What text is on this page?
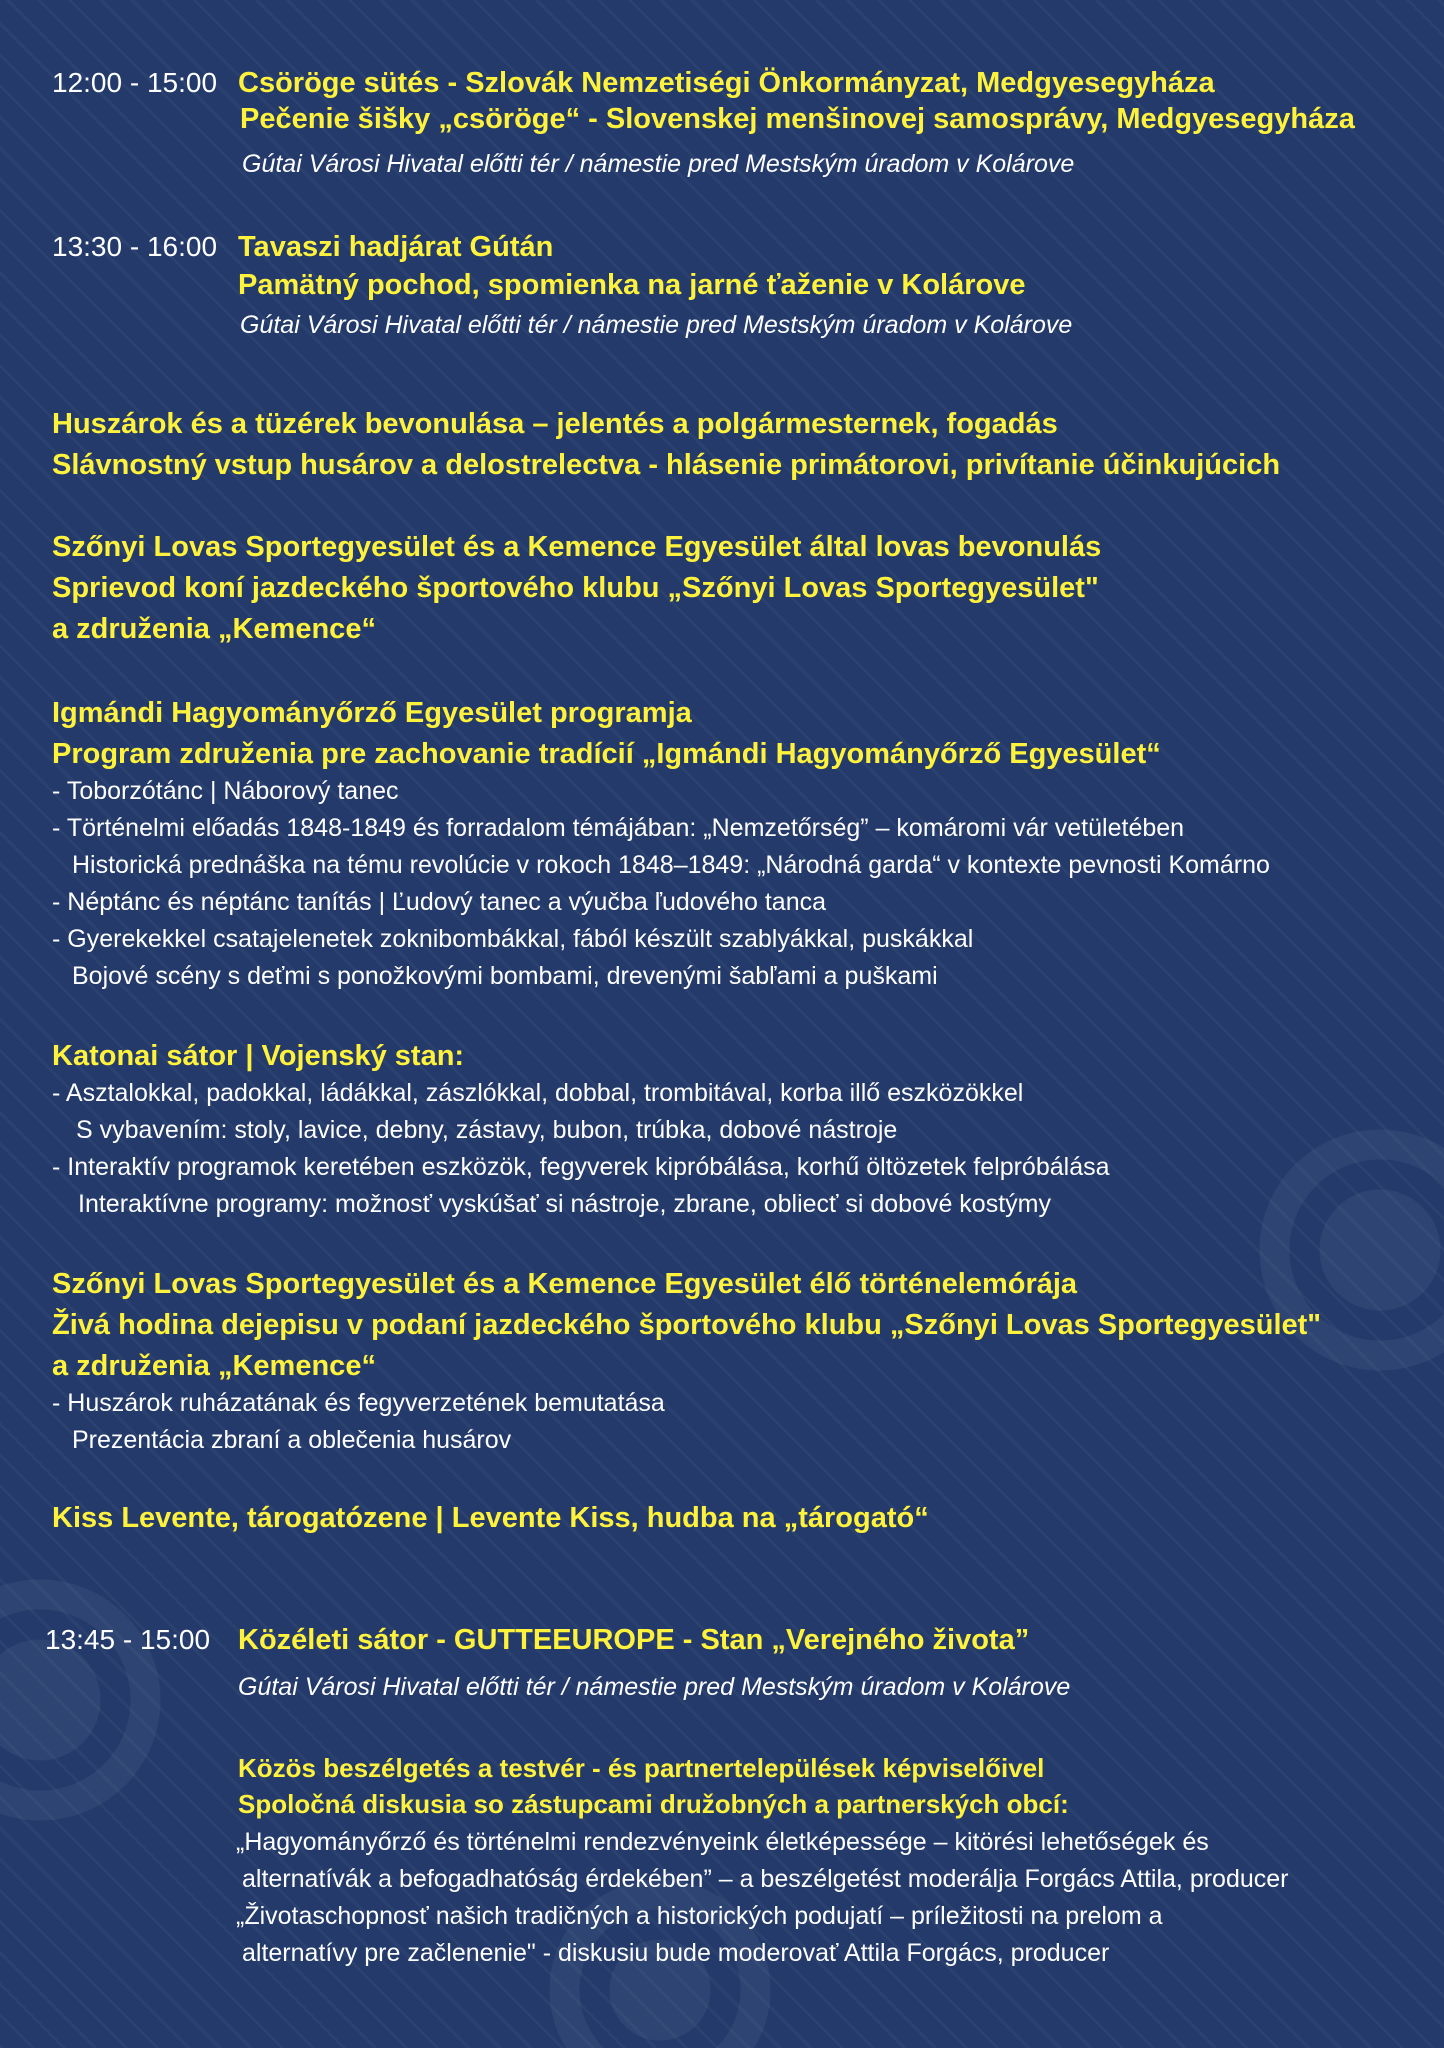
12:00 - 15:00 Csöröge sütés - Szlovák Nemzetiségi Önkormányzat, Medgyesegyháza
Pečenie šišky „csöröge“ - Slovenskej menšinovej samosprávy, Medgyesegyháza
Gútai Városi Hivatal előtti tér / námestie pred Mestským úradom v Kolárove
13:30 - 16:00 Tavaszi hadjárat Gútán
Pamätný pochod, spomienka na jarné ťaženie v Kolárove
Gútai Városi Hivatal előtti tér / námestie pred Mestským úradom v Kolárove
Huszárok és a tüzérek bevonulása – jelentés a polgármesternek, fogadás
Slávnostný vstup husárov a delostrelectva - hlásenie primátorovi, privítanie účinkujúcich
Szőnyi Lovas Sportegyesület és a Kemence Egyesület által lovas bevonulás
Sprievod koní jazdeckého športového klubu „Szőnyi Lovas Sportegyesület"
a združenia „Kemence“
Igmándi Hagyományőrző Egyesület programja
Program združenia pre zachovanie tradícií „Igmándi Hagyományőrző Egyesület“
- Toborzótánc | Náborový tanec
- Történelmi előadás 1848-1849 és forradalom témájában: „Nemzetőrség” – komáromi vár vetületében
Historická prednáška na tému revolúcie v rokoch 1848–1849: „Národná garda“ v kontexte pevnosti Komárno
- Néptánc és néptánc tanítás | Ľudový tanec a výučba ľudového tanca
- Gyerekekkel csatajelenetek zoknibombákkal, fából készült szablyákkal, puskákkal
Bojové scény s deťmi s ponožkovými bombami, drevenými šabľami a puškami
Katonai sátor | Vojenský stan:
- Asztalokkal, padokkal, ládákkal, zászlókkal, dobbal, trombitával, korba illő eszközökkel
S vybavením: stoly, lavice, debny, zástavy, bubon, trúbka, dobové nástroje
- Interaktív programok keretében eszközök, fegyverek kipróbálása, korhű öltözetek felpróbálása
Interaktívne programy: možnosť vyskúšať si nástroje, zbrane, obliecť si dobové kostýmy
Szőnyi Lovas Sportegyesület és a Kemence Egyesület élő történelemórája
Živá hodina dejepisu v podaní jazdeckého športového klubu „Szőnyi Lovas Sportegyesület"
a združenia „Kemence“
- Huszárok ruházatának és fegyverzetének bemutatása
Prezentácia zbraní a oblečenia husárov
Kiss Levente, tárogatózene | Levente Kiss, hudba na „tárogató“
13:45 - 15:00 Közéleti sátor - GUTTEEUROPE - Stan „Verejného života”
Gútai Városi Hivatal előtti tér / námestie pred Mestským úradom v Kolárove
Közös beszélgetés a testvér - és partnertelepülések képviselőivel
Spoločná diskusia so zástupcami družobných a partnerských obcí:
„Hagyományőrző és történelmi rendezvényeink életképessége – kitörési lehetőségek és
alternatívák a befogadhatóság érdekében” – a beszélgetést moderálja Forgács Attila, producer
„Životaschopnosť našich tradičných a historických podujatí – príležitosti na prelom a
alternatívy pre začlenenie" - diskusiu bude moderovať Attila Forgács, producer
